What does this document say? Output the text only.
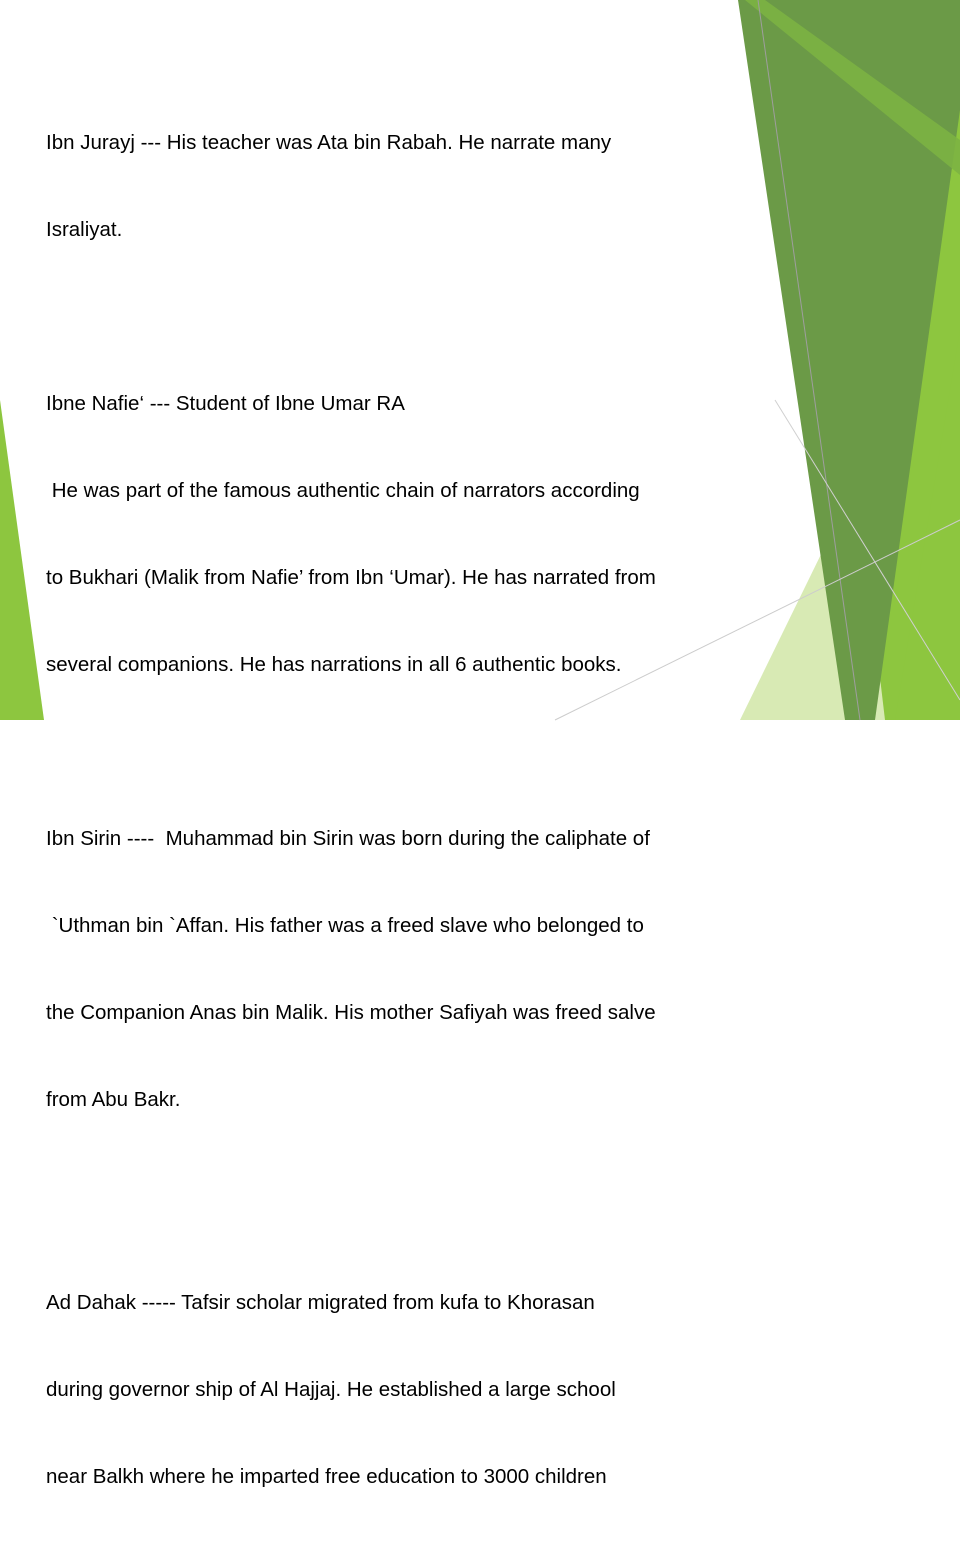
Ibn Jurayj --- His teacher was Ata bin Rabah. He narrate many

Israliyat.

Ibne Nafie‘ --- Student of Ibne Umar RA

He was part of the famous authentic chain of narrators according

to Bukhari (Malik from Nafie’ from Ibn ‘Umar). He has narrated from

several companions. He has narrations in all 6 authentic books.

Ibn Sirin ----  Muhammad bin Sirin was born during the caliphate of

`Uthman bin `Affan. His father was a freed slave who belonged to

the Companion Anas bin Malik. His mother Safiyah was freed salve

from Abu Bakr.

Ad Dahak ----- Tafsir scholar migrated from kufa to Khorasan

during governor ship of Al Hajjaj. He established a large school

near Balkh where he imparted free education to 3000 children
